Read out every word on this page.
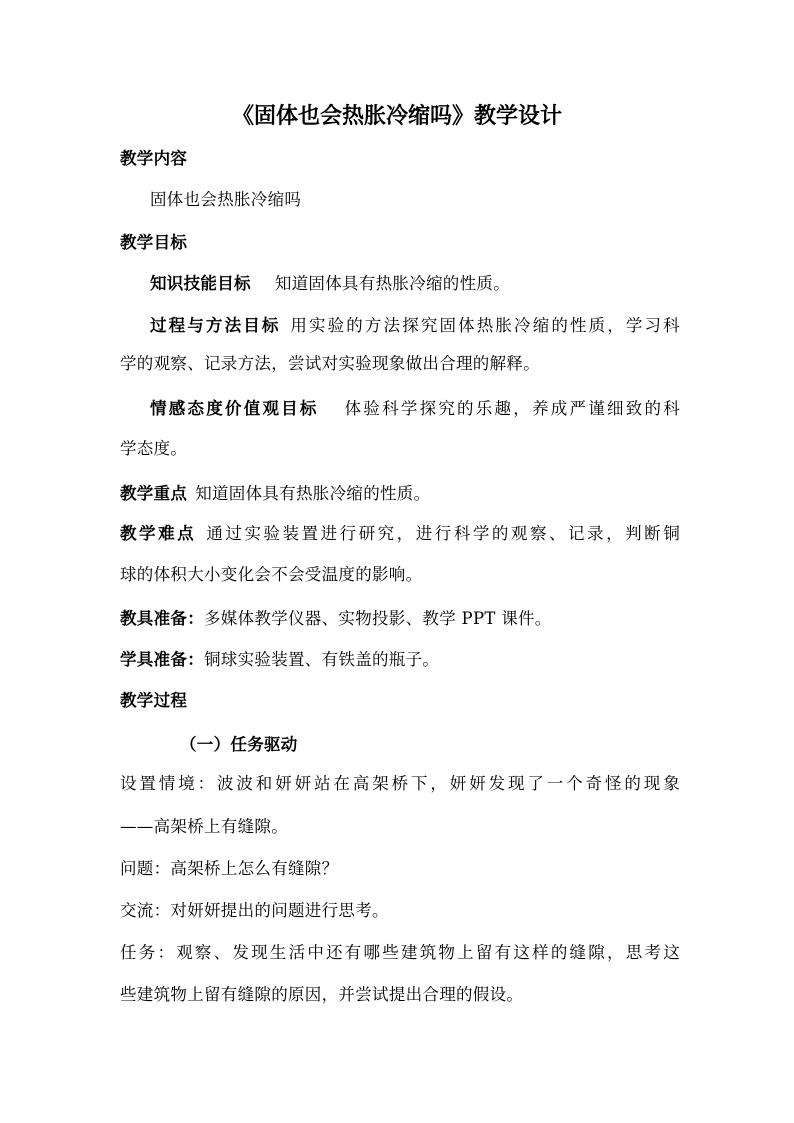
《固体也会热胀冷缩吗》教学设计
教学内容
固体也会热胀冷缩吗
教学目标
知识技能目标 知道固体具有热胀冷缩的性质。
过程与方法目标 用实验的方法探究固体热胀冷缩的性质，学习科
学的观察、记录方法，尝试对实验现象做出合理的解释。
情感态度价值观目标 体验科学探究的乐趣，养成严谨细致的科
学态度。
教学重点 知道固体具有热胀冷缩的性质。
教学难点 通过实验装置进行研究，进行科学的观察、记录，判断铜
球的体积大小变化会不会受温度的影响。
教具准备：多媒体教学仪器、实物投影、教学 PPT 课件。
学具准备：铜球实验装置、有铁盖的瓶子。
教学过程
（一）任务驱动
设置情境：波波和妍妍站在高架桥下，妍妍发现了一个奇怪的现象
——高架桥上有缝隙。
问题：高架桥上怎么有缝隙？
交流：对妍妍提出的问题进行思考。
任务：观察、发现生活中还有哪些建筑物上留有这样的缝隙，思考这
些建筑物上留有缝隙的原因，并尝试提出合理的假设。
